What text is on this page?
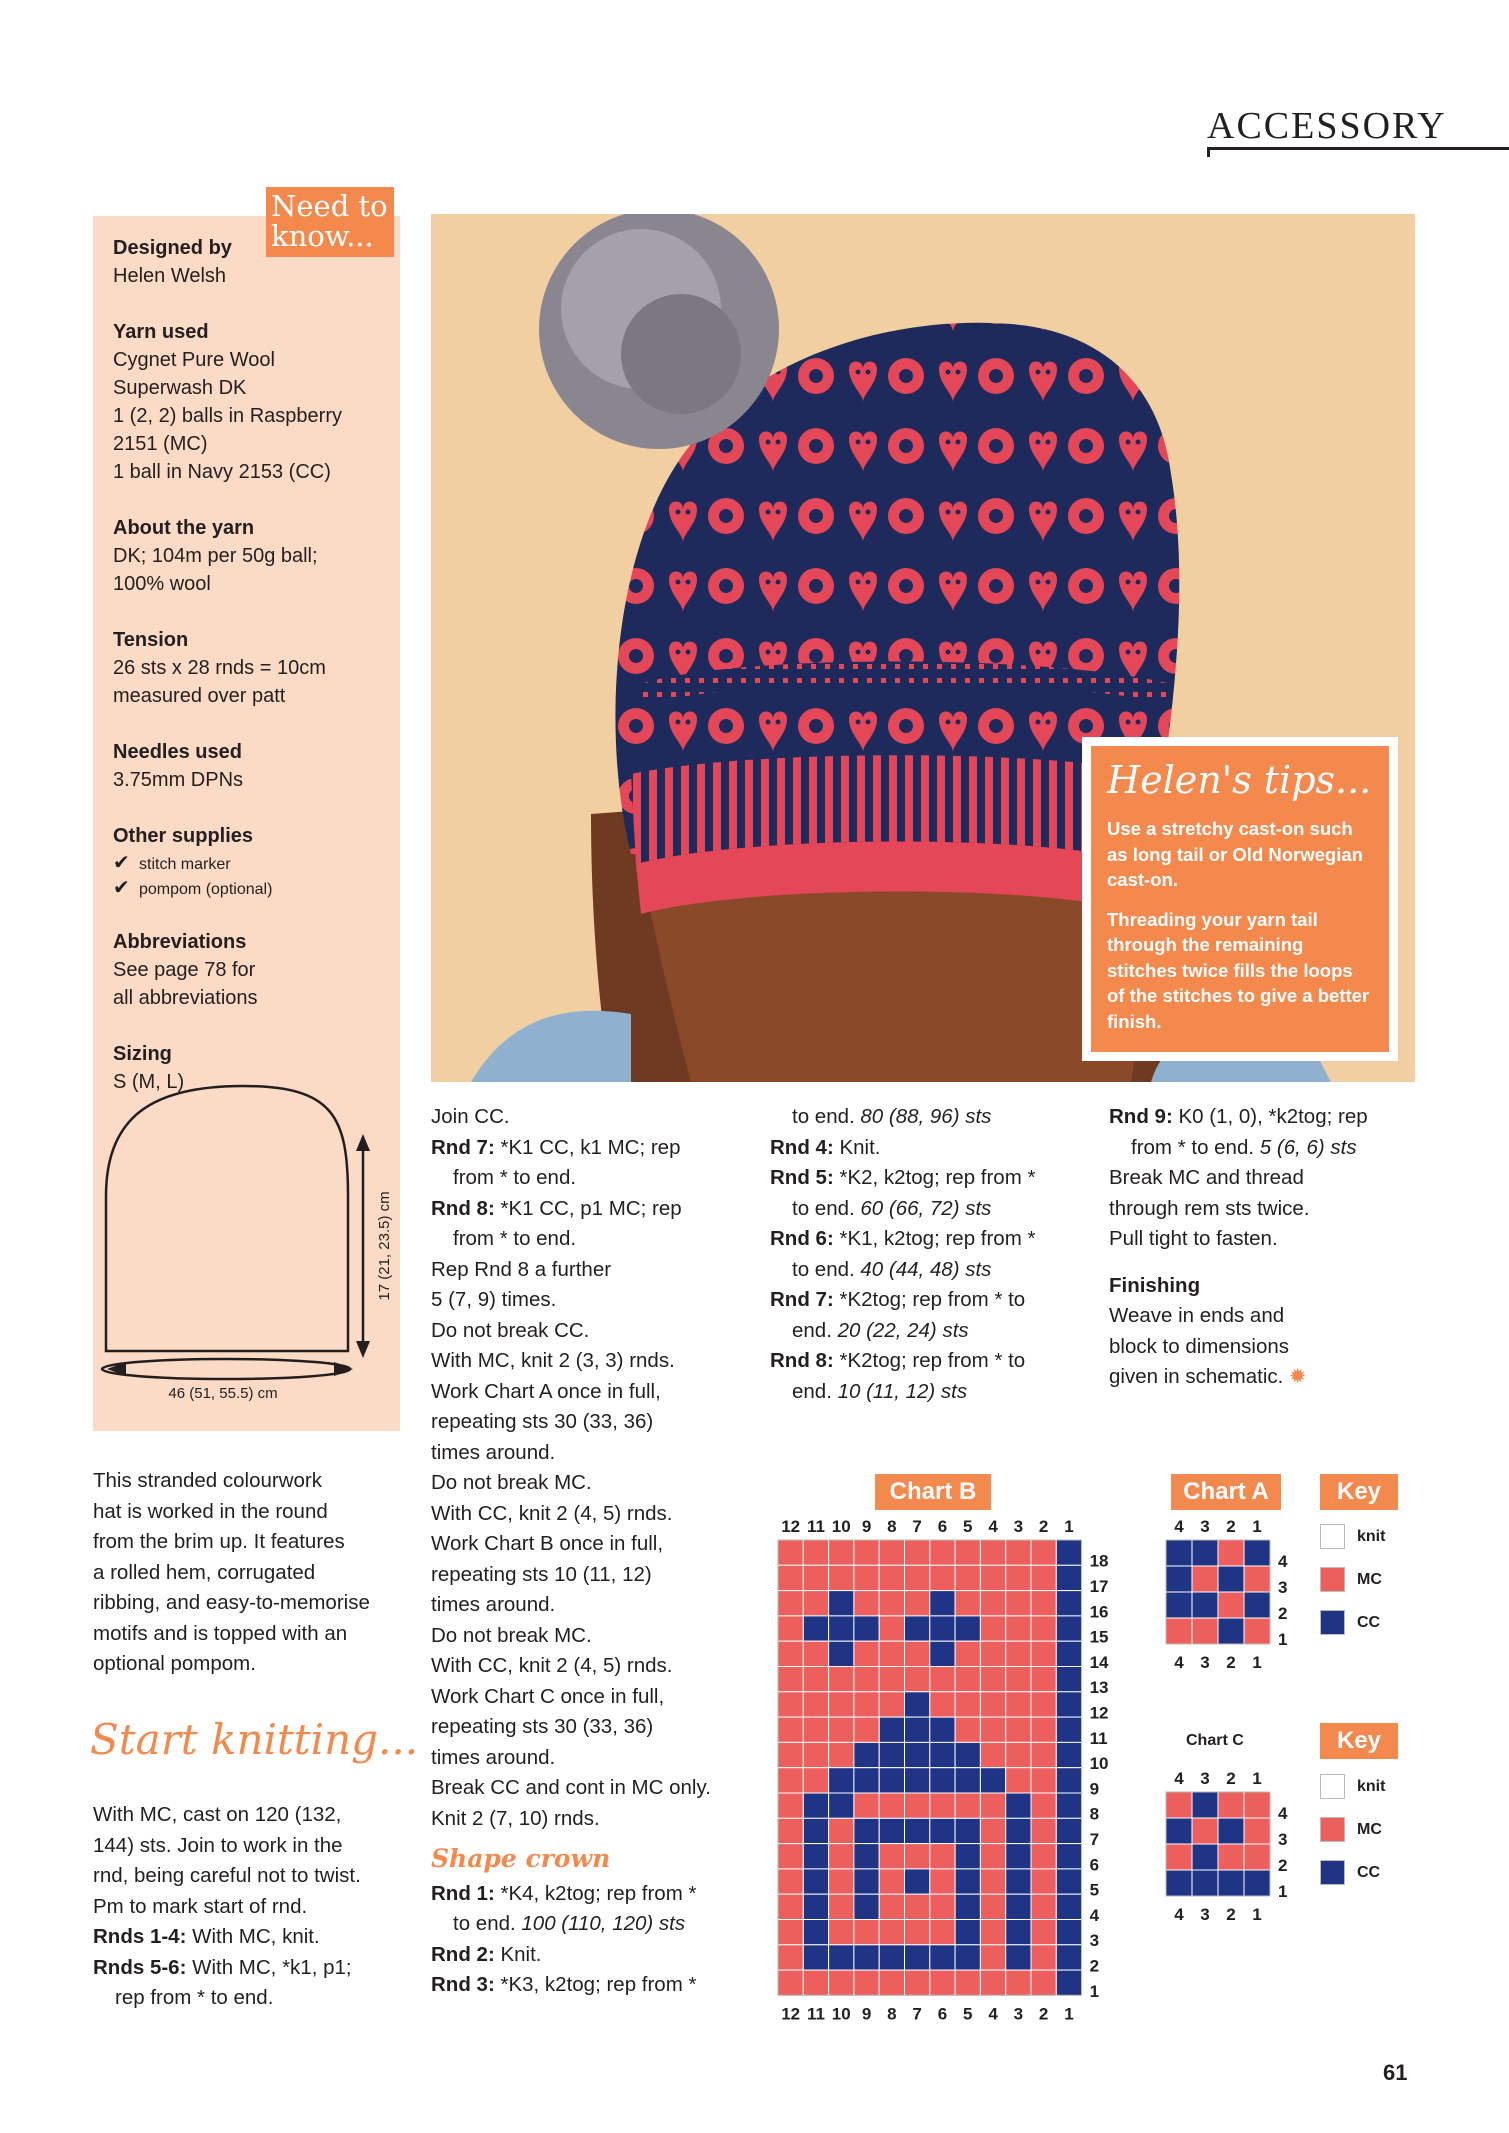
ACCESSORY
Designed by

Helen Welsh

Yarn used

Cygnet Pure Wool

Superwash DK

1 (2, 2) balls in Raspberry

2151 (MC)

1 ball in Navy 2153 (CC)

About the yarn

DK; 104m per 50g ball;

100% wool

Tension

26 sts x 28 rnds = 10cm

measured over patt

Needles used

3.75mm DPNs

Other supplies
✔ stitch marker
✔ pompom (optional)
Abbreviations

See page 78 for

all abbreviations

Sizing

S (M, L)

17 (21, 23.5) cm
46 (51, 55.5) cm
Need to know...
This stranded colourwork
hat is worked in the round
from the brim up. It features
a rolled hem, corrugated
ribbing, and easy-to-memorise
motifs and is topped with an
optional pompom.
Start knitting...
With MC, cast on 120 (132,
144) sts. Join to work in the
rnd, being careful not to twist.
Pm to mark start of rnd.
Rnds 1-4: With MC, knit.
Rnds 5-6: With MC, *k1, p1;
rep from * to end.
Helen's tips...

Use a stretchy cast-on such as long tail or Old Norwegian cast-on.

Threading your yarn tail through the remaining stitches twice fills the loops of the stitches to give a better finish.

Join CC.
Rnd 7: *K1 CC, k1 MC; rep
from * to end.
Rnd 8: *K1 CC, p1 MC; rep
from * to end.
Rep Rnd 8 a further
5 (7, 9) times.
Do not break CC.
With MC, knit 2 (3, 3) rnds.
Work Chart A once in full,
repeating sts 30 (33, 36)
times around.
Do not break MC.
With CC, knit 2 (4, 5) rnds.
Work Chart B once in full,
repeating sts 10 (11, 12)
times around.
Do not break MC.
With CC, knit 2 (4, 5) rnds.
Work Chart C once in full,
repeating sts 30 (33, 36)
times around.
Break CC and cont in MC only.
Knit 2 (7, 10) rnds.
Shape crown
Rnd 1: *K4, k2tog; rep from *
to end. 100 (110, 120) sts
Rnd 2: Knit.
Rnd 3: *K3, k2tog; rep from *
to end. 80 (88, 96) sts
Rnd 4: Knit.
Rnd 5: *K2, k2tog; rep from *
to end. 60 (66, 72) sts
Rnd 6: *K1, k2tog; rep from *
to end. 40 (44, 48) sts
Rnd 7: *K2tog; rep from * to
end. 20 (22, 24) sts
Rnd 8: *K2tog; rep from * to
end. 10 (11, 12) sts
Rnd 9: K0 (1, 0), *k2tog; rep
from * to end. 5 (6, 6) sts
Break MC and thread
through rem sts twice.
Pull tight to fasten.
Finishing
Weave in ends and
block to dimensions
given in schematic. ✹
Chart B
12
12
11
11
10
10
9
9
8
8
7
7
6
6
5
5
4
4
3
3
2
2
1
1
18
17
16
15
14
13
12
11
10
9
8
7
6
5
4
3
2
1
Chart A
4
4
3
3
2
2
1
1
4
3
2
1
Chart C
4
4
3
3
2
2
1
1
4
3
2
1
Key
knit
MC
CC
Key
knit
MC
CC
61
